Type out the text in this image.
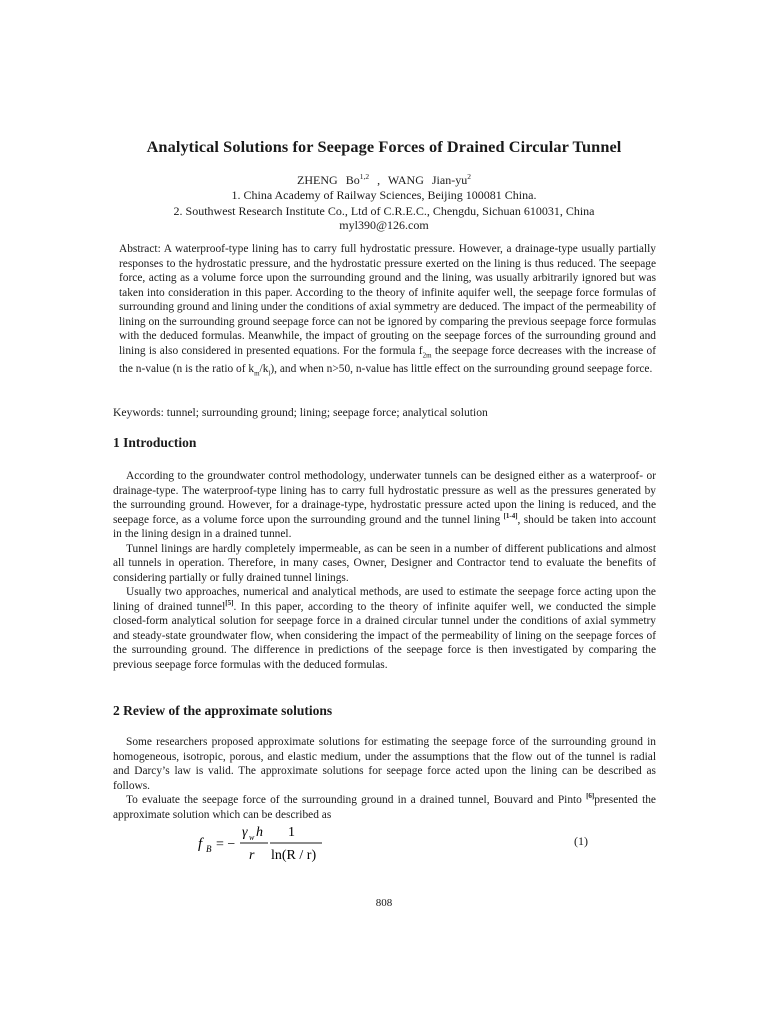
Analytical Solutions for Seepage Forces of Drained Circular Tunnel
ZHENG Bo$^{1,2}$ , WANG Jian-$yu^2$
1. China Academy of Railway Sciences, Beijing 100081 China.
2. Southwest Research Institute Co., Ltd of C.R.E.C., Chengdu, Sichuan 610031, China
myl390@126.com
Abstract: A waterproof-type lining has to carry full hydrostatic pressure. However, a drainage-type usually partially responses to the hydrostatic pressure, and the hydrostatic pressure exerted on the lining is thus reduced. The seepage force, acting as a volume force upon the surrounding ground and the lining, was usually arbitrarily ignored but was taken into consideration in this paper. According to the theory of infinite aquifer well, the seepage force formulas of surrounding ground and lining under the conditions of axial symmetry are deduced. The impact of the permeability of lining on the surrounding ground seepage force can not be ignored by comparing the previous seepage force formulas with the deduced formulas. Meanwhile, the impact of grouting on the seepage forces of the surrounding ground and lining is also considered in presented equations. For the formula $f_{2m}$ the seepage force decreases with the increase of the n-value (n is the ratio of $k_m/k_l$), and when n>50, n-value has little effect on the surrounding ground seepage force.
Keywords: tunnel; surrounding ground; lining; seepage force; analytical solution
1 Introduction

According to the groundwater control methodology, underwater tunnels can be designed either as a waterproof- or drainage-type. The waterproof-type lining has to carry full hydrostatic pressure as well as the pressures generated by the surrounding ground. However, for a drainage-type, hydrostatic pressure acted upon the lining is reduced, and the seepage force, as a volume force upon the surrounding ground and the tunnel lining [1-4], should be taken into account in the lining design in a drained tunnel.

Tunnel linings are hardly completely impermeable, as can be seen in a number of different publications and almost all tunnels in operation. Therefore, in many cases, Owner, Designer and Contractor tend to evaluate the benefits of considering partially or fully drained tunnel linings.

Usually two approaches, numerical and analytical methods, are used to estimate the seepage force acting upon the lining of drained tunnel[5]. In this paper, according to the theory of infinite aquifer well, we conducted the simple closed-form analytical solution for seepage force in a drained circular tunnel under the conditions of axial symmetry and steady-state groundwater flow, when considering the impact of the permeability of lining on the seepage forces of the surrounding ground. The difference in predictions of the seepage force is then investigated by comparing the previous seepage force formulas with the deduced formulas.

2 Review of the approximate solutions

Some researchers proposed approximate solutions for estimating the seepage force of the surrounding ground in homogeneous, isotropic, porous, and elastic medium, under the assumptions that the flow out of the tunnel is radial and Darcy’s law is valid. The approximate solutions for seepage force acted upon the lining can be described as follows.

To evaluate the seepage force of the surrounding ground in a drained tunnel, Bouvard and Pinto [6]presented the approximate solution which can be described as

f B = −
γ w h
r
1
ln(R / r)
(1)
808
